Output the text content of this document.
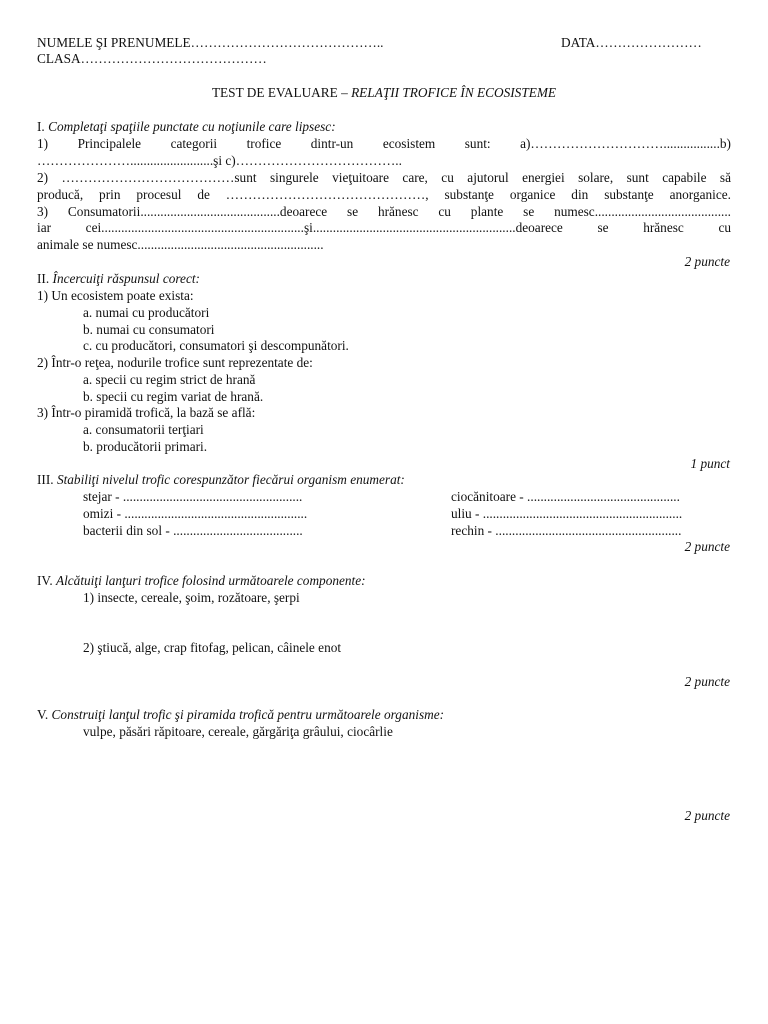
NUMELE ŞI PRENUMELE……………………………………..	DATA……………………
CLASA……………………………………
TEST DE EVALUARE – RELAŢII TROFICE ÎN ECOSISTEME
I. Completaţi spaţiile punctate cu noţiunile care lipsesc:
1) Principalele categorii trofice dintr-un ecosistem sunt: a)………………………….................b)
………………….........................şi c)………………………………..
2) …………………………………sunt singurele vieţuitoare care, cu ajutorul energiei solare, sunt capabile să
producă, prin procesul de ………………………………………, substanţe organice din substanţe anorganice.
3) Consumatorii..........................................deoarece se hrănesc cu plante se numesc.........................................
iar cei.............................................................şi.............................................................deoarece se hrănesc cu
animale se numesc........................................................
2 puncte
II. Încercuiţi răspunsul corect:
1) Un ecosistem poate exista:
a. numai cu producători
b. numai cu consumatori
c. cu producători, consumatori şi descompunători.
2) Într-o reţea, nodurile trofice sunt reprezentate de:
a. specii cu regim strict de hrană
b. specii cu regim variat de hrană.
3) Într-o piramidă trofică, la bază se află:
a. consumatorii terţiari
b. producătorii primari.
1 punct
III. Stabiliţi nivelul trofic corespunzător fiecărui organism enumerat:
stejar - ......................................................	ciocănitoare - ..............................................
omizi - .......................................................	uliu - ............................................................
bacterii din sol - .......................................	rechin - ........................................................
2 puncte
IV. Alcătuiţi lanţuri trofice folosind următoarele componente:
1) insecte, cereale, şoim, rozătoare, şerpi
2) ştiucă, alge, crap fitofag, pelican, câinele enot
2 puncte
V. Construiţi lanţul trofic şi piramida trofică pentru următoarele organisme:
vulpe, păsări răpitoare, cereale, gărgăriţa grâului, ciocârlie
2 puncte
